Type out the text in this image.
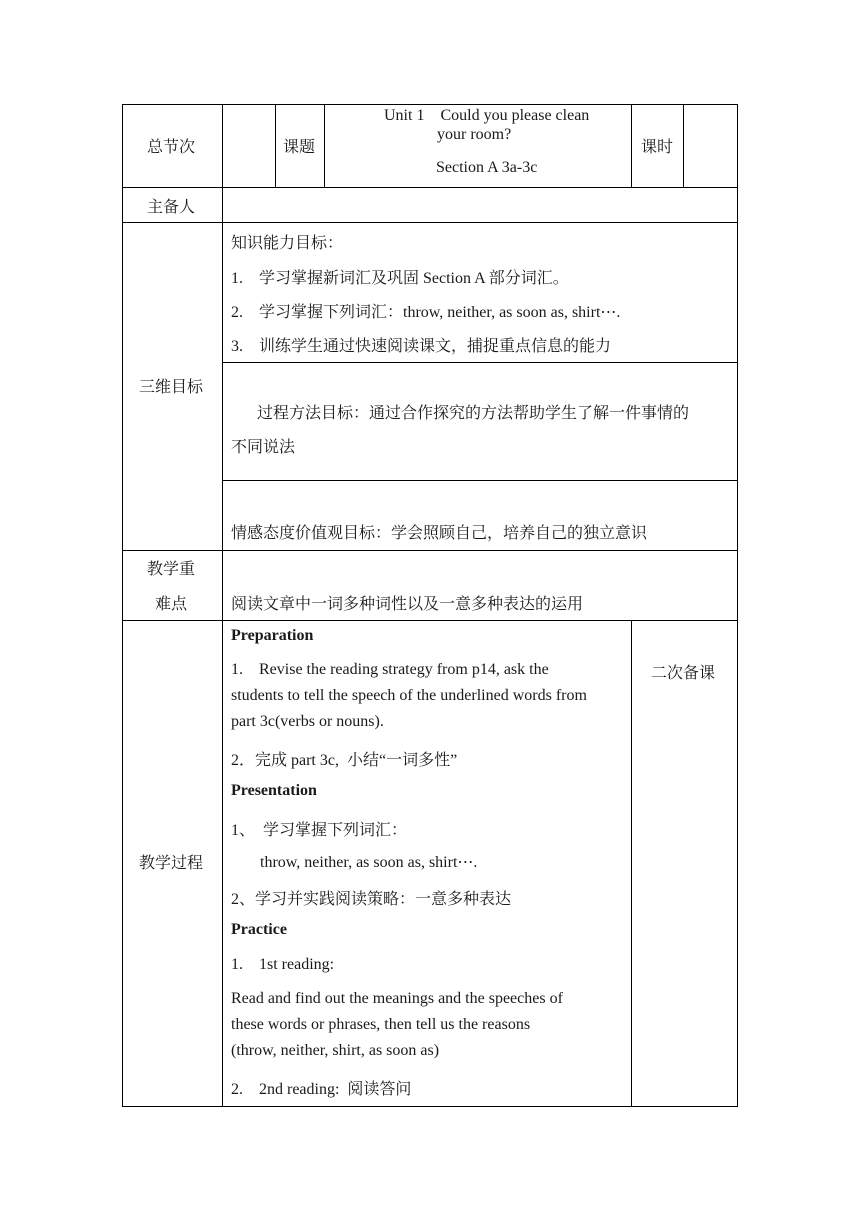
总节次	课题
Unit 1    Could you please clean
your room?
Section A 3a-3c
课时
主备人
三维目标
知识能力目标：
1.    学习掌握新词汇及巩固 Section A 部分词汇。
2.    学习掌握下列词汇：throw, neither, as soon as, shirt⋯.
3.    训练学生通过快速阅读课文，捕捉重点信息的能力
过程方法目标：通过合作探究的方法帮助学生了解一件事情的
不同说法
情感态度价值观目标：学会照顾自己，培养自己的独立意识
教学重
难点	阅读文章中一词多种词性以及一意多种表达的运用
教学过程
二次备课
Preparation
1.    Revise the reading strategy from p14, ask the
students to tell the speech of the underlined words from
part 3c(verbs or nouns).
2．完成 part 3c,  小结“一词多性”
Presentation
1、  学习掌握下列词汇：
throw, neither, as soon as, shirt⋯.
2、学习并实践阅读策略：一意多种表达
Practice
1.    1st reading:
Read and find out the meanings and the speeches of
these words or phrases, then tell us the reasons
(throw, neither, shirt, as soon as)
2.    2nd reading:  阅读答问
